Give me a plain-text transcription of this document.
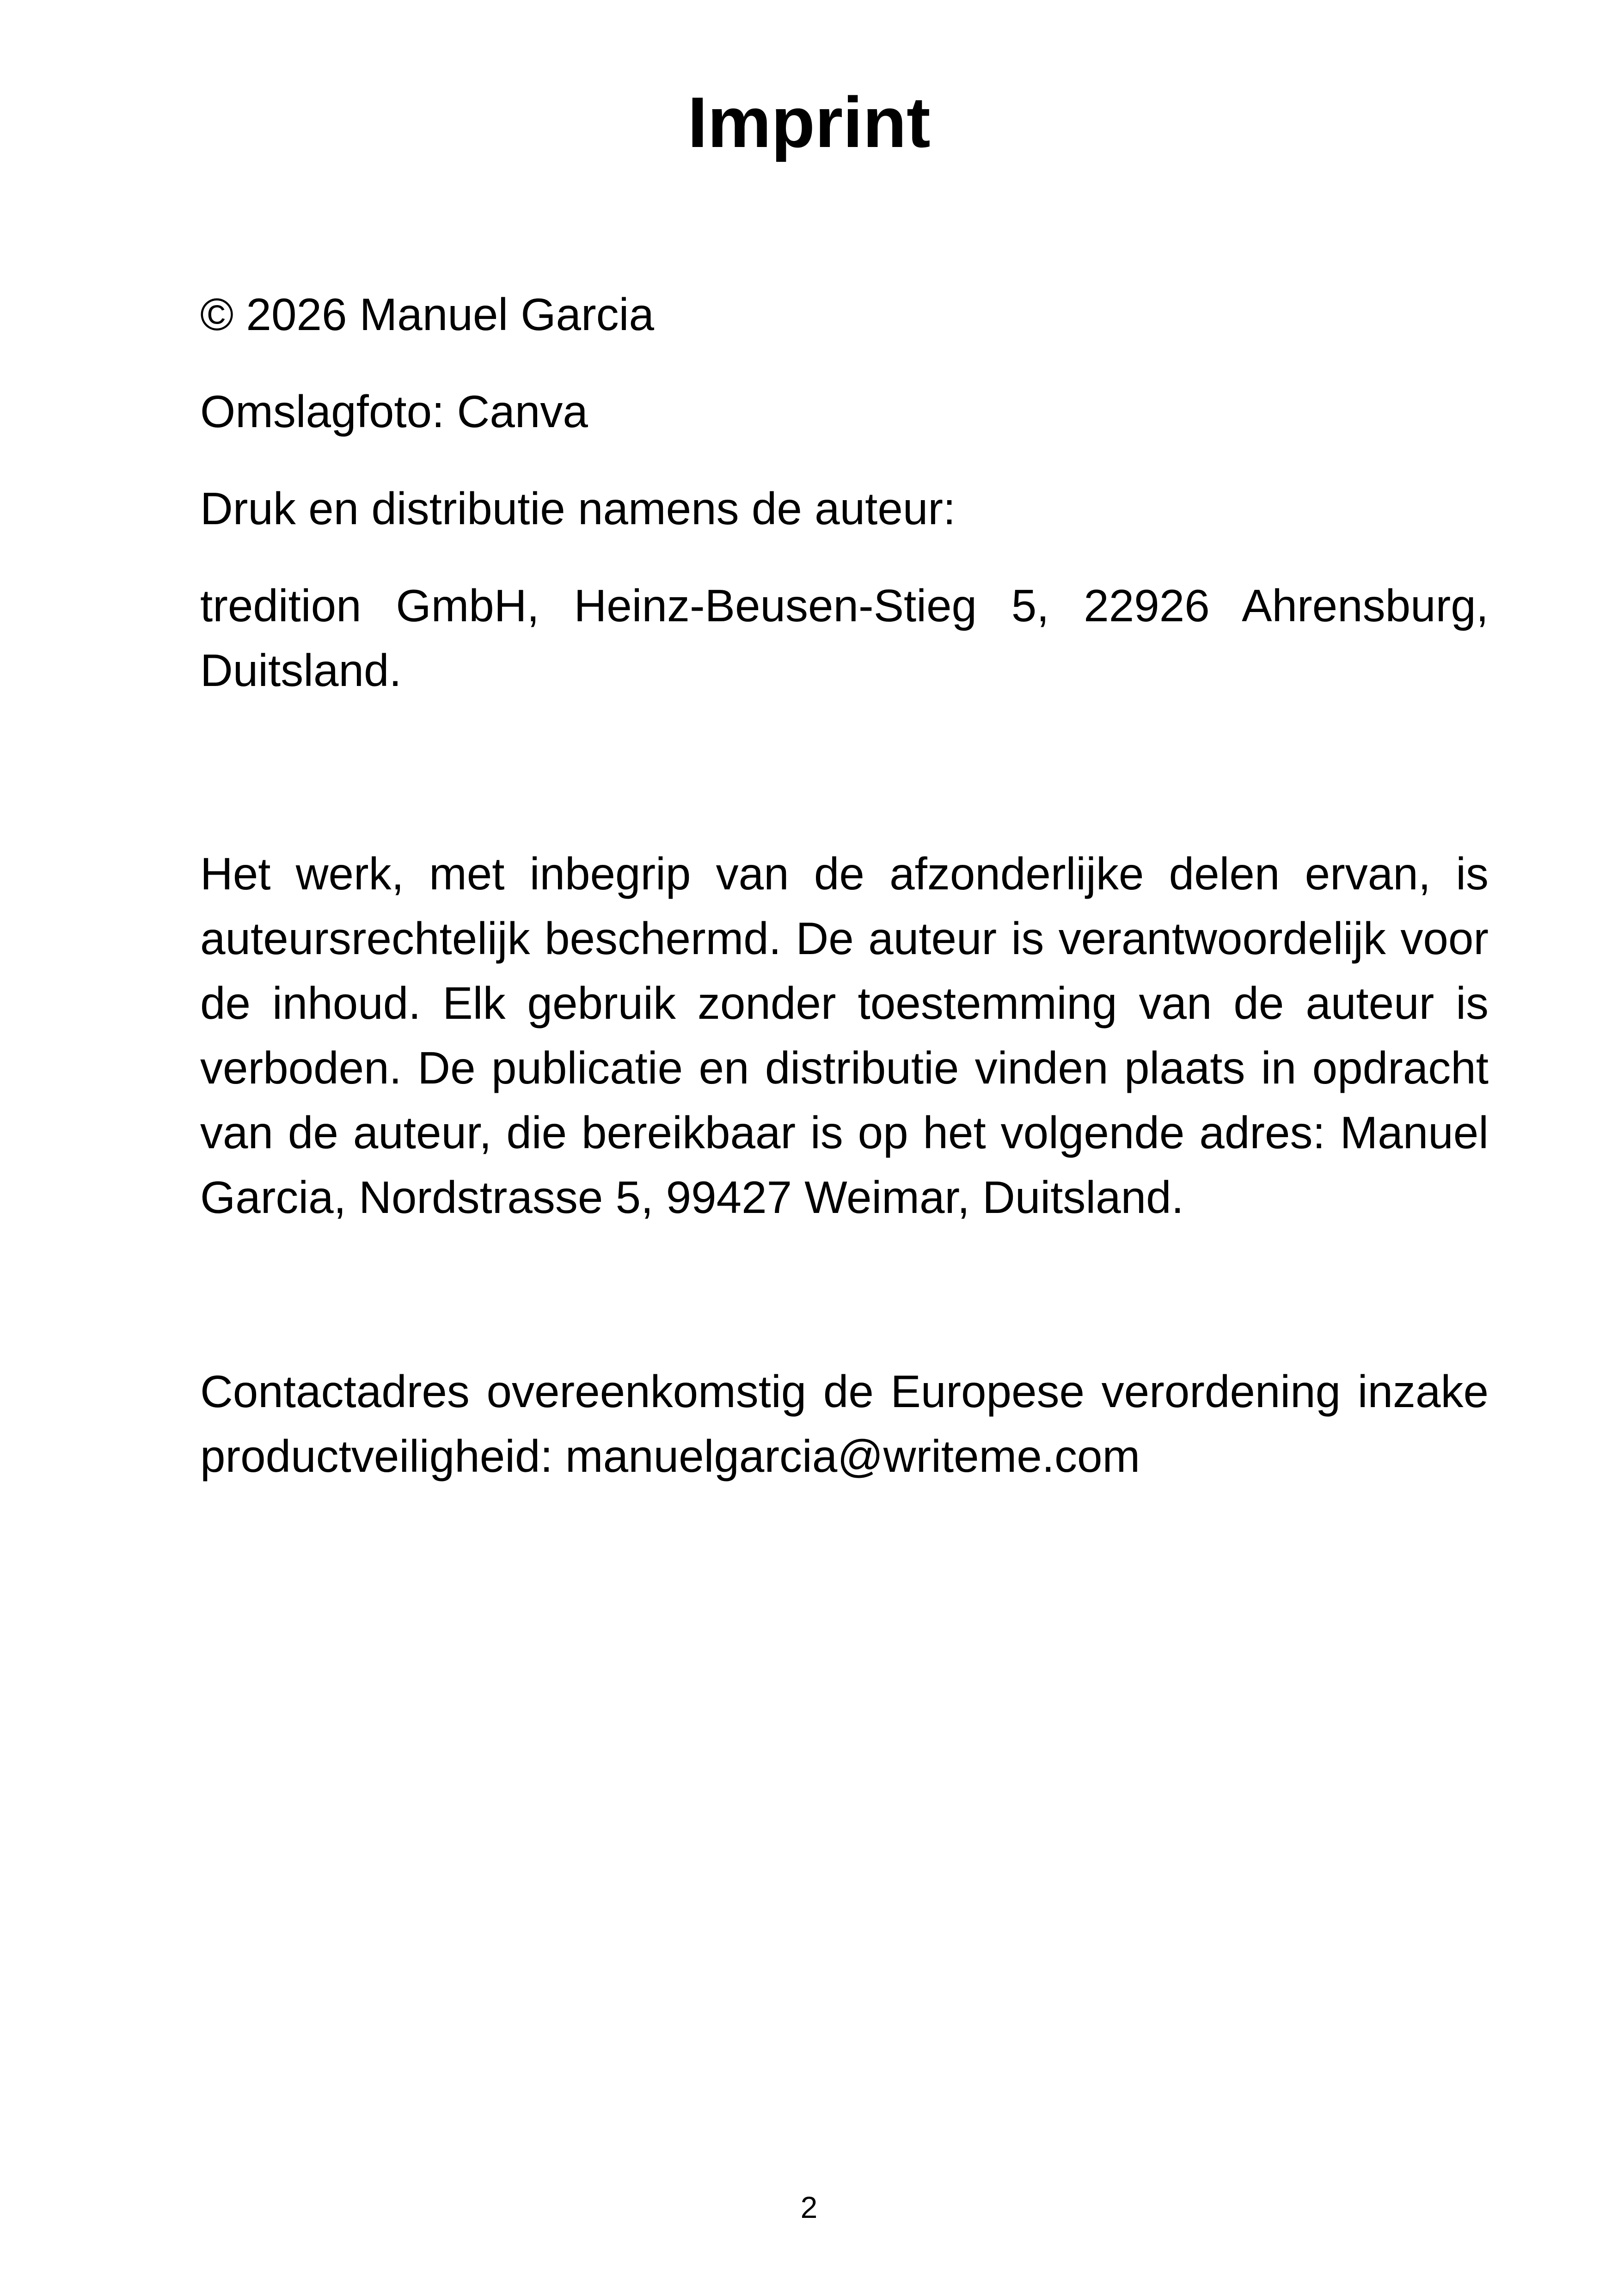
Imprint

© 2026 Manuel Garcia

Omslagfoto: Canva

Druk en distributie namens de auteur:

tredition GmbH, Heinz-Beusen-Stieg 5, 22926 Ahrensburg, Duitsland.

Het werk, met inbegrip van de afzonderlijke delen ervan, is auteursrechtelijk beschermd. De auteur is verantwoordelijk voor de inhoud. Elk gebruik zonder toestemming van de auteur is verboden. De publicatie en distributie vinden plaats in opdracht van de auteur, die bereikbaar is op het volgende adres: Manuel Garcia, Nordstrasse 5, 99427 Weimar, Duitsland.

Contactadres overeenkomstig de Europese verordening inzake productveiligheid: manuelgarcia@writeme.com

2
